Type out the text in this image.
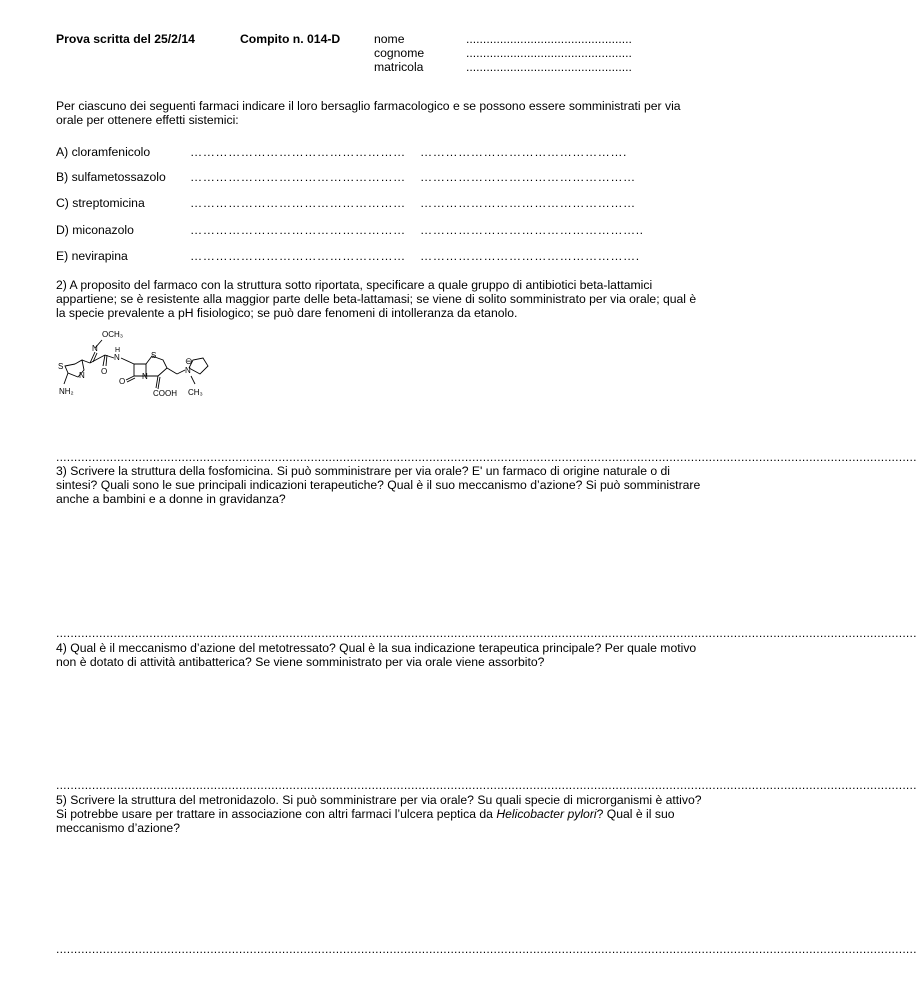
Prova scritta del 25/2/14	Compito n. 014-D	nome	.................................................
cognome	.................................................
matricola	.................................................
Per ciascuno dei seguenti farmaci indicare il loro bersaglio farmacologico e se possono essere somministrati per via orale per ottenere effetti sistemici:
A) cloramfenicolo	…………………………………………… ………………………………………….
B) sulfametossazolo …………………………………………… ……………………………………………
C) streptomicina	…………………………………………… ……………………………………………
D) miconazolo	…………………………………………… ……………………………………………..
E) nevirapina	…………………………………………… …………………………………………….
2) A proposito del farmaco con la struttura sotto riportata, specificare a quale gruppo di antibiotici beta-lattamici appartiene; se è resistente alla maggior parte delle beta-lattamasi; se viene di solito somministrato per via orale; qual è la specie prevalente a pH fisiologico; se può dare fenomeni di intolleranza da etanolo.
OCH₃
N H
N
O
S
N
NH₂
S
N
O
COOH
N
⊖
CH₃
................................................................................................................................................................................................................................................
3) Scrivere la struttura della fosfomicina. Si può somministrare per via orale? E' un farmaco di origine naturale o di sintesi? Quali sono le sue principali indicazioni terapeutiche? Qual è il suo meccanismo d’azione? Si può somministrare anche a bambini e a donne in gravidanza?
................................................................................................................................................................................................................................................
4) Qual è il meccanismo d’azione del metotressato? Qual è la sua indicazione terapeutica principale? Per quale motivo non è dotato di attività antibatterica? Se viene somministrato per via orale viene assorbito?
................................................................................................................................................................................................................................................
5) Scrivere la struttura del metronidazolo. Si può somministrare per via orale? Su quali specie di microrganismi è attivo? Si potrebbe usare per trattare in associazione con altri farmaci l’ulcera peptica da Helicobacter pylori? Qual è il suo meccanismo d’azione?
................................................................................................................................................................................................................................................
